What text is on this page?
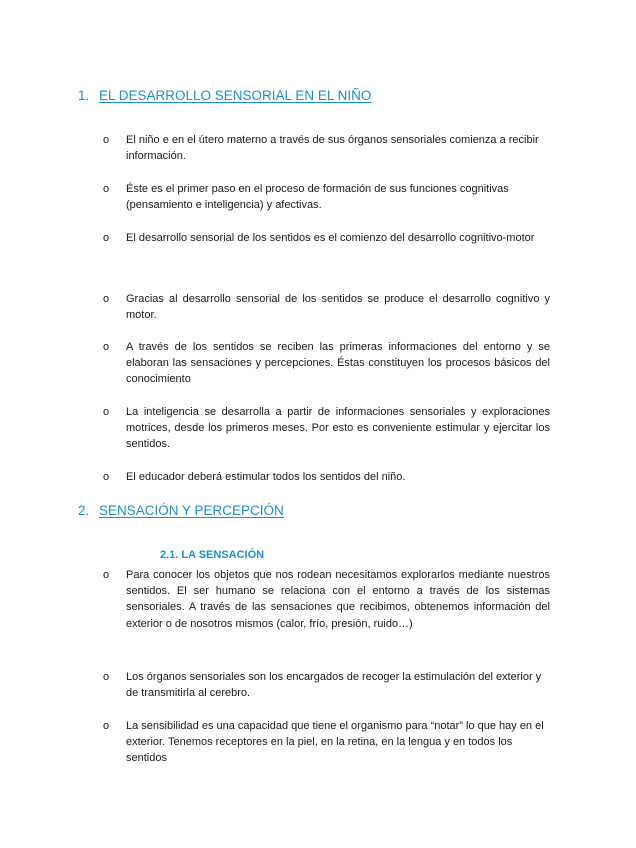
1. EL DESARROLLO SENSORIAL EN EL NIÑO
o	El niño e en el útero materno a través de sus órganos sensoriales comienza a recibir información.

o	Éste es el primer paso en el proceso de formación de sus funciones cognitivas (pensamiento e inteligencia) y afectivas.

o	El desarrollo sensorial de los sentidos es el comienzo del desarrollo cognitivo-motor

o	Gracias al desarrollo sensorial de los sentidos se produce el desarrollo cognitivo y motor.

o	A través de los sentidos se reciben las primeras informaciones del entorno y se elaboran las sensaciones y percepciones. Éstas constituyen los procesos básicos del conocimiento

o	La inteligencia se desarrolla a partir de informaciones sensoriales y exploraciones motrices, desde los primeros meses. Por esto es conveniente estimular y ejercitar los sentidos.

o	El educador deberá estimular todos los sentidos del niño.

2. SENSACIÓN Y PERCEPCIÓN
2.1. LA SENSACIÓN
o	Para conocer los objetos que nos rodean necesitamos explorarlos mediante nuestros sentidos. El ser humano se relaciona con el entorno a través de los sistemas sensoriales. A través de las sensaciones que recibimos, obtenemos información del exterior o de nosotros mismos (calor, frío, presión, ruido…)

o	Los órganos sensoriales son los encargados de recoger la estimulación del exterior y de transmitirla al cerebro.

o	La sensibilidad es una capacidad que tiene el organismo para “notar” lo que hay en el exterior. Tenemos receptores en la piel, en la retina, en la lengua y en todos los sentidos
